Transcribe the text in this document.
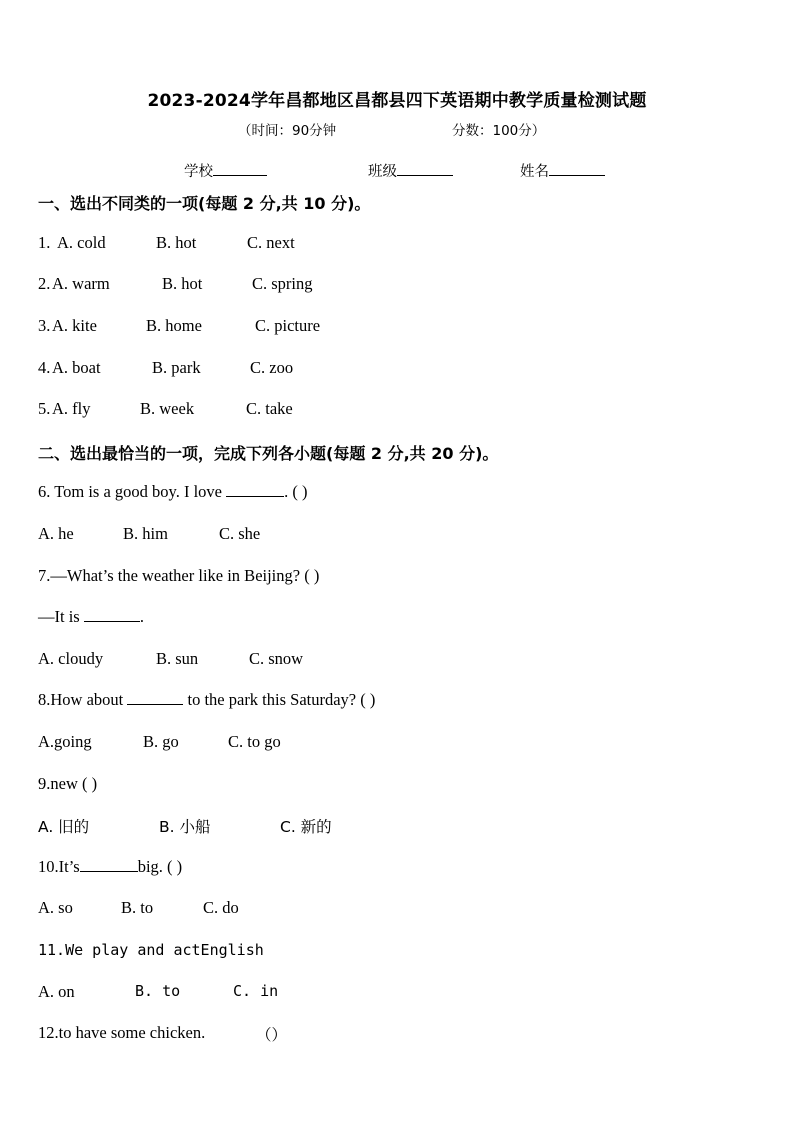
2023-2024学年昌都地区昌都县四下英语期中教学质量检测试题
（时间：90分钟	分数：100分）
学校	班级	姓名
一、选出不同类的一项(每题 2 分,共 10 分)。
1. A. cold	B. hot	C. next
2. A. warm	B. hot	C. spring
3. A. kite	B. home	C. picture
4. A. boat	B. park	C. zoo
5. A. fly	B. week	C. take
二、选出最恰当的一项，完成下列各小题(每题 2 分,共 20 分)。
6. Tom is a good boy. I love	. ( )
A. he	B. him	C. she
7.—What’s the weather like in Beijing? ( )
—It is	.
A. cloudy	B. sun	C. snow
8.How about	to the park this Saturday? ( )
A.going	B. go	C. to go
9.new ( )
A. 旧的	B. 小船	C. 新的
10.It’s	big. ( )
A. so	B. to	C. do
11.We play and actEnglish
A. on	B. to	C. in
12.to have some chicken.	（）
